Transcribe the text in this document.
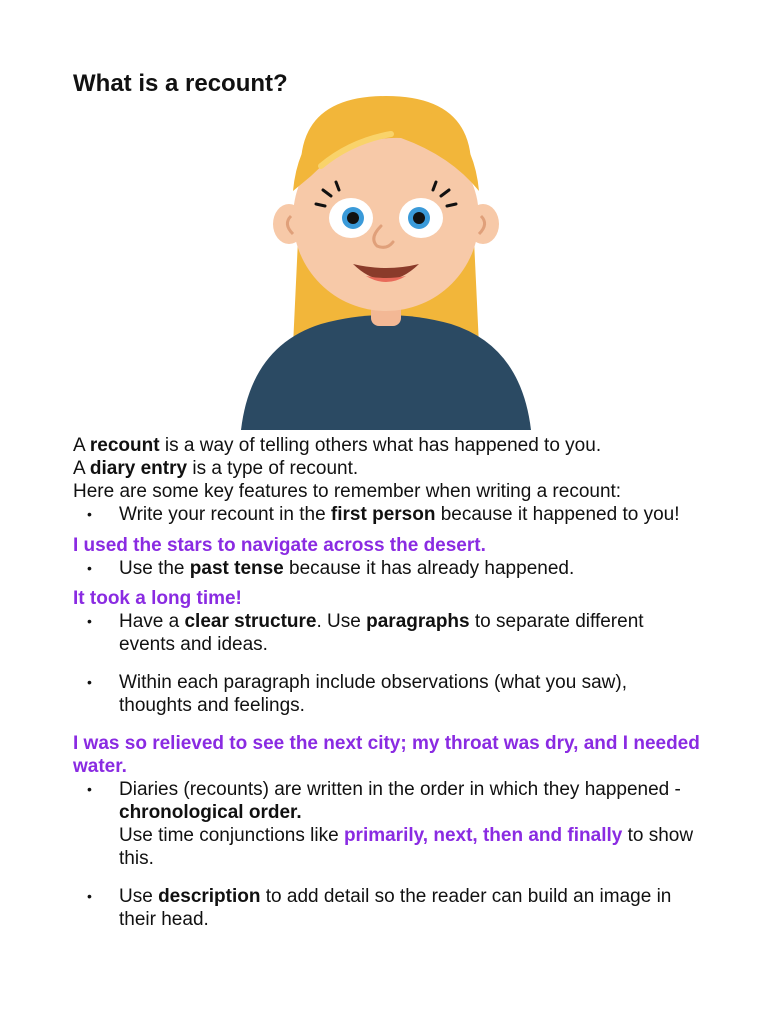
What is a recount?

A recount is a way of telling others what has happened to you.

A diary entry is a type of recount.

Here are some key features to remember when writing a recount:

• Write your recount in the first person because it happened to you!

I used the stars to navigate across the desert.

• Use the past tense because it has already happened.

It took a long time!

• Have a clear structure. Use paragraphs to separate different events and ideas.
• Within each paragraph include observations (what you saw), thoughts and feelings.

I was so relieved to see the next city; my throat was dry, and I needed water.

• Diaries (recounts) are written in the order in which they happened - chronological order.
Use time conjunctions like primarily, next, then and finally to show this.
• Use description to add detail so the reader can build an image in their head.
